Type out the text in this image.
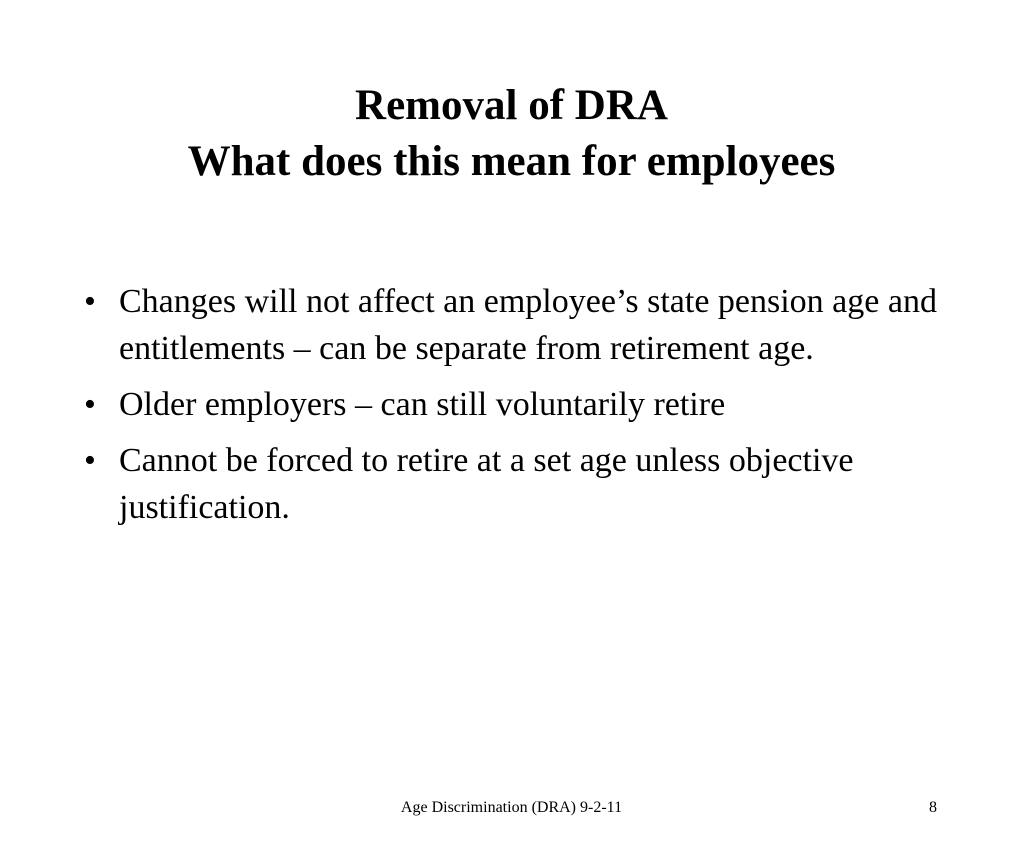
Removal of DRA
What does this mean for employees
• Changes will not affect an employee’s state pension age and entitlements – can be separate from retirement age.
• Older employers – can still voluntarily retire
• Cannot be forced to retire at a set age unless objective justification.
Age Discrimination (DRA) 9-2-11	8
